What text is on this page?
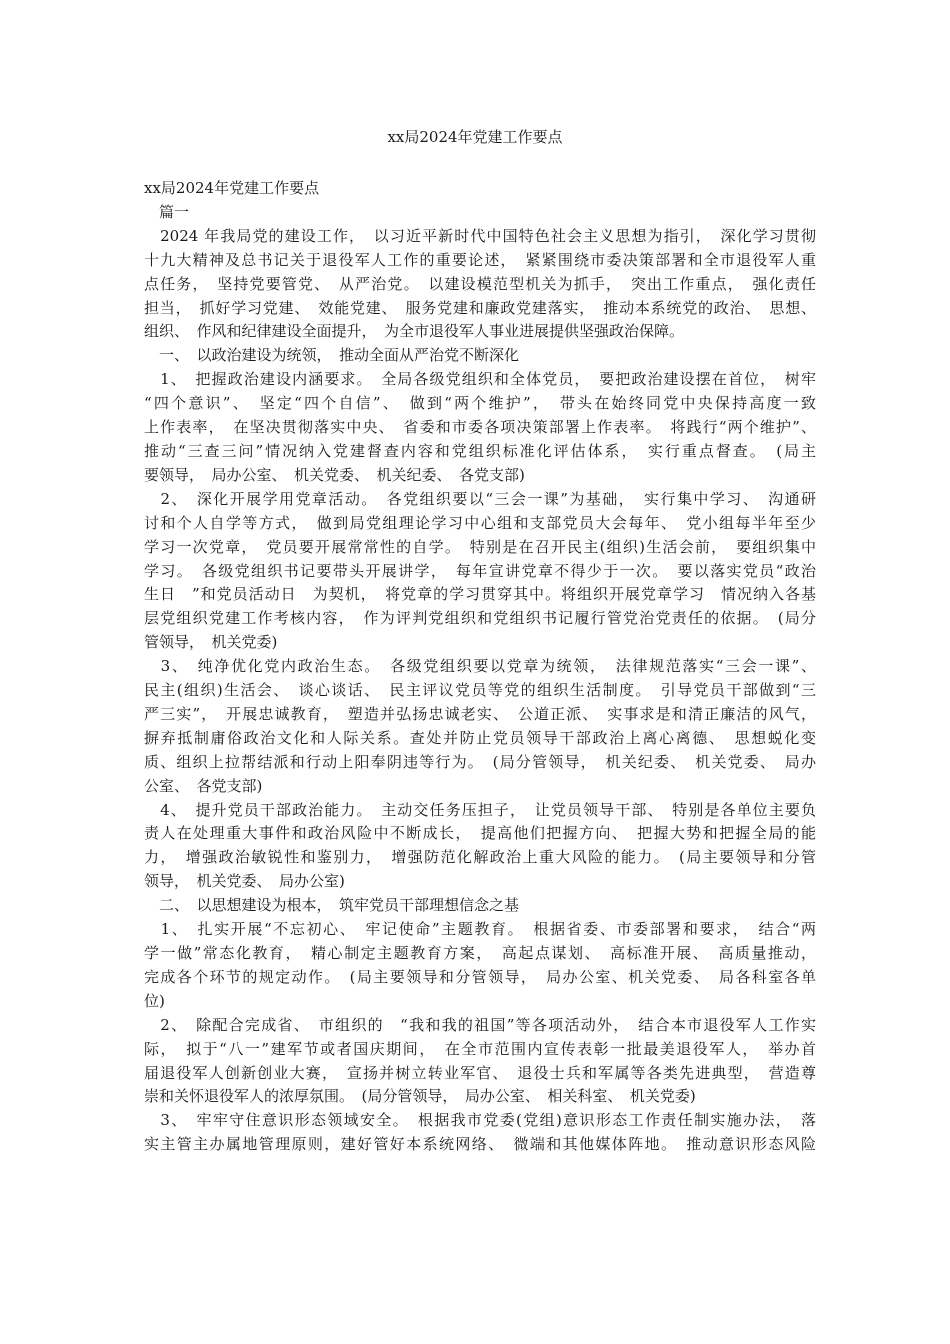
xx局2024年党建工作要点
xx局2024年党建工作要点
　篇一
　2024 年我局党的建设工作，　以习近平新时代中国特色社会主义思想为指引，　深化学习贯彻
十九大精神及总书记关于退役军人工作的重要论述，　紧紧围绕市委决策部署和全市退役军人重
点任务，　坚持党要管党、　从严治党。　以建设模范型机关为抓手，　突出工作重点，　强化责任
担当，　抓好学习党建、　效能党建、　服务党建和廉政党建落实，　推动本系统党的政治、　思想、
组织、　作风和纪律建设全面提升，　为全市退役军人事业进展提供坚强政治保障。
　一、　以政治建设为统领，　推动全面从严治党不断深化
　1、　把握政治建设内涵要求。　全局各级党组织和全体党员，　要把政治建设摆在首位，　树牢
“四个意识”、　坚定“四个自信”、　做到“两个维护”，　带头在始终同党中央保持高度一致
上作表率，　在坚决贯彻落实中央、　省委和市委各项决策部署上作表率。　将践行“两个维护”、
推动“三查三问”情况纳入党建督查内容和党组织标准化评估体系，　实行重点督查。　(局主
要领导，　局办公室、　机关党委、　机关纪委、　各党支部)
　2、　深化开展学用党章活动。　各党组织要以“三会一课”为基础，　实行集中学习、　沟通研
讨和个人自学等方式，　做到局党组理论学习中心组和支部党员大会每年、　党小组每半年至少
学习一次党章，　党员要开展常常性的自学。　特别是在召开民主(组织)生活会前，　要组织集中
学习。　各级党组织书记要带头开展讲学，　每年宣讲党章不得少于一次。　要以落实党员“政治
生日　”和党员活动日　为契机，　将党章的学习贯穿其中。将组织开展党章学习　情况纳入各基
层党组织党建工作考核内容，　作为评判党组织和党组织书记履行管党治党责任的依据。　(局分
管领导，　机关党委)
　3、　纯净优化党内政治生态。　各级党组织要以党章为统领，　法律规范落实“三会一课”、
民主(组织)生活会、　谈心谈话、　民主评议党员等党的组织生活制度。　引导党员干部做到“三
严三实”，　开展忠诚教育，　塑造并弘扬忠诚老实、　公道正派、　实事求是和清正廉洁的风气，
摒弃抵制庸俗政治文化和人际关系。查处并防止党员领导干部政治上离心离德、　思想蜕化变
质、组织上拉帮结派和行动上阳奉阴违等行为。　(局分管领导，　机关纪委、　机关党委、　局办
公室、　各党支部)
　4、　提升党员干部政治能力。　主动交任务压担子，　让党员领导干部、　特别是各单位主要负
责人在处理重大事件和政治风险中不断成长，　提高他们把握方向、　把握大势和把握全局的能
力，　增强政治敏锐性和鉴别力，　增强防范化解政治上重大风险的能力。　(局主要领导和分管
领导，　机关党委、　局办公室)
　二、　以思想建设为根本，　筑牢党员干部理想信念之基
　1、　扎实开展“不忘初心、　牢记使命”主题教育。　根据省委、市委部署和要求，　结合“两
学一做”常态化教育，　精心制定主题教育方案，　高起点谋划、　高标准开展、　高质量推动，
完成各个环节的规定动作。　(局主要领导和分管领导，　局办公室、机关党委、　局各科室各单
位)
　2、　除配合完成省、　市组织的　“我和我的祖国”等各项活动外，　结合本市退役军人工作实
际，　拟于“八一”建军节或者国庆期间，　在全市范围内宣传表彰一批最美退役军人，　举办首
届退役军人创新创业大赛，　宣扬并树立转业军官、　退役士兵和军属等各类先进典型，　营造尊
崇和关怀退役军人的浓厚氛围。　(局分管领导，　局办公室、　相关科室、　机关党委)
　3、　牢牢守住意识形态领域安全。　根据我市党委(党组)意识形态工作责任制实施办法，　落
实主管主办属地管理原则，建好管好本系统网络、　微端和其他媒体阵地。　推动意识形态风险
